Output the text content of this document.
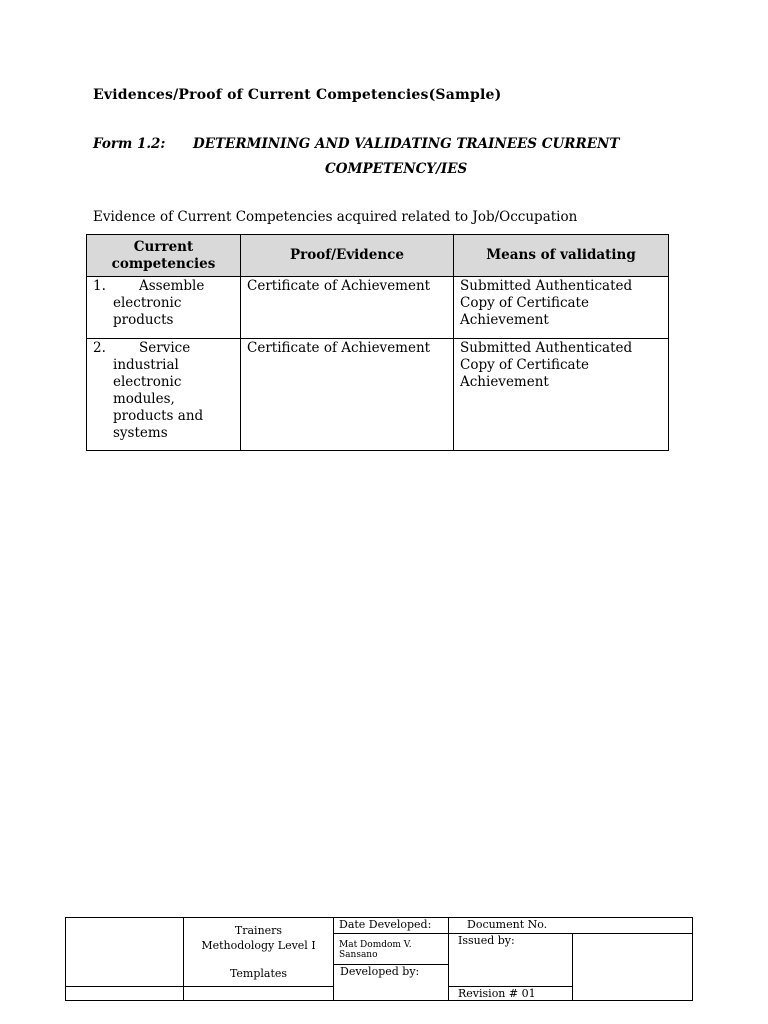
Evidences/Proof of Current Competencies(Sample)
Form 1.2: DETERMINING AND VALIDATING TRAINEES CURRENT
COMPETENCY/IES
Evidence of Current Competencies acquired related to Job/Occupation
Current competencies	Proof/Evidence	Means of validating

1. Assemble
electronic products	Certificate of Achievement	Submitted Authenticated Copy of Certificate Achievement

2. Service
industrial electronic modules, products and systems	Certificate of Achievement	Submitted Authenticated Copy of Certificate Achievement

	Trainers
Methodology Level I
Templates	Date Developed:	Document No.	
		Mat Domdom V. Sansano	Issued by:	
		Developed by:		
			Revision # 01	
